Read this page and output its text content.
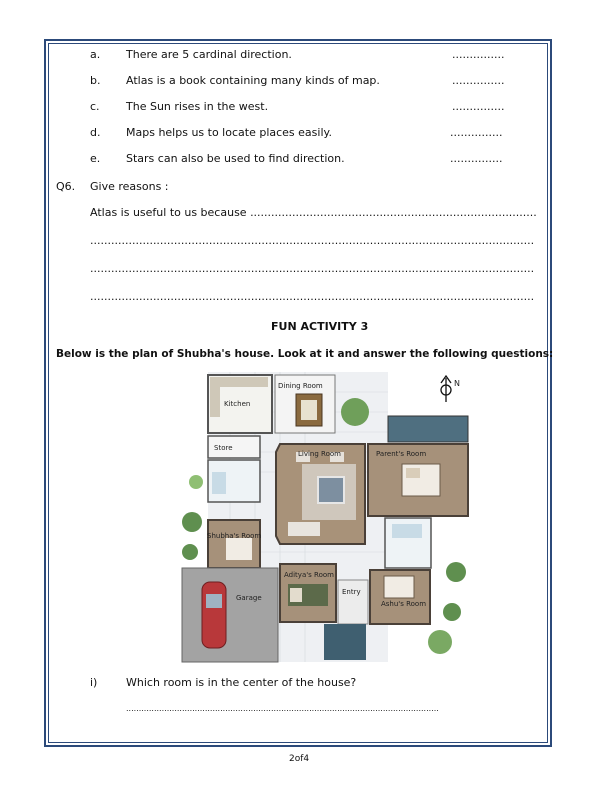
a. There are 5 cardinal direction.	...............
b. Atlas is a book containing many kinds of map.	...............
c. The Sun rises in the west.	...............
d. Maps helps us to locate places easily.	...............
e. Stars can also be used to find direction.	...............
Q6. Give reasons :
Atlas is useful to us because ..................................................................................
...............................................................................................................................
...............................................................................................................................
...............................................................................................................................
FUN ACTIVITY 3
Below is the plan of Shubha's house. Look at it and answer the following questions:
Kitchen
Dining Room
Store
Living Room	Parent's Room
Shubha's Room
Aditya's Room
Ashu's Room
Entry
Garage
N
i)	Which room is in the center of the house?
...........................................................................................................................
2of4
